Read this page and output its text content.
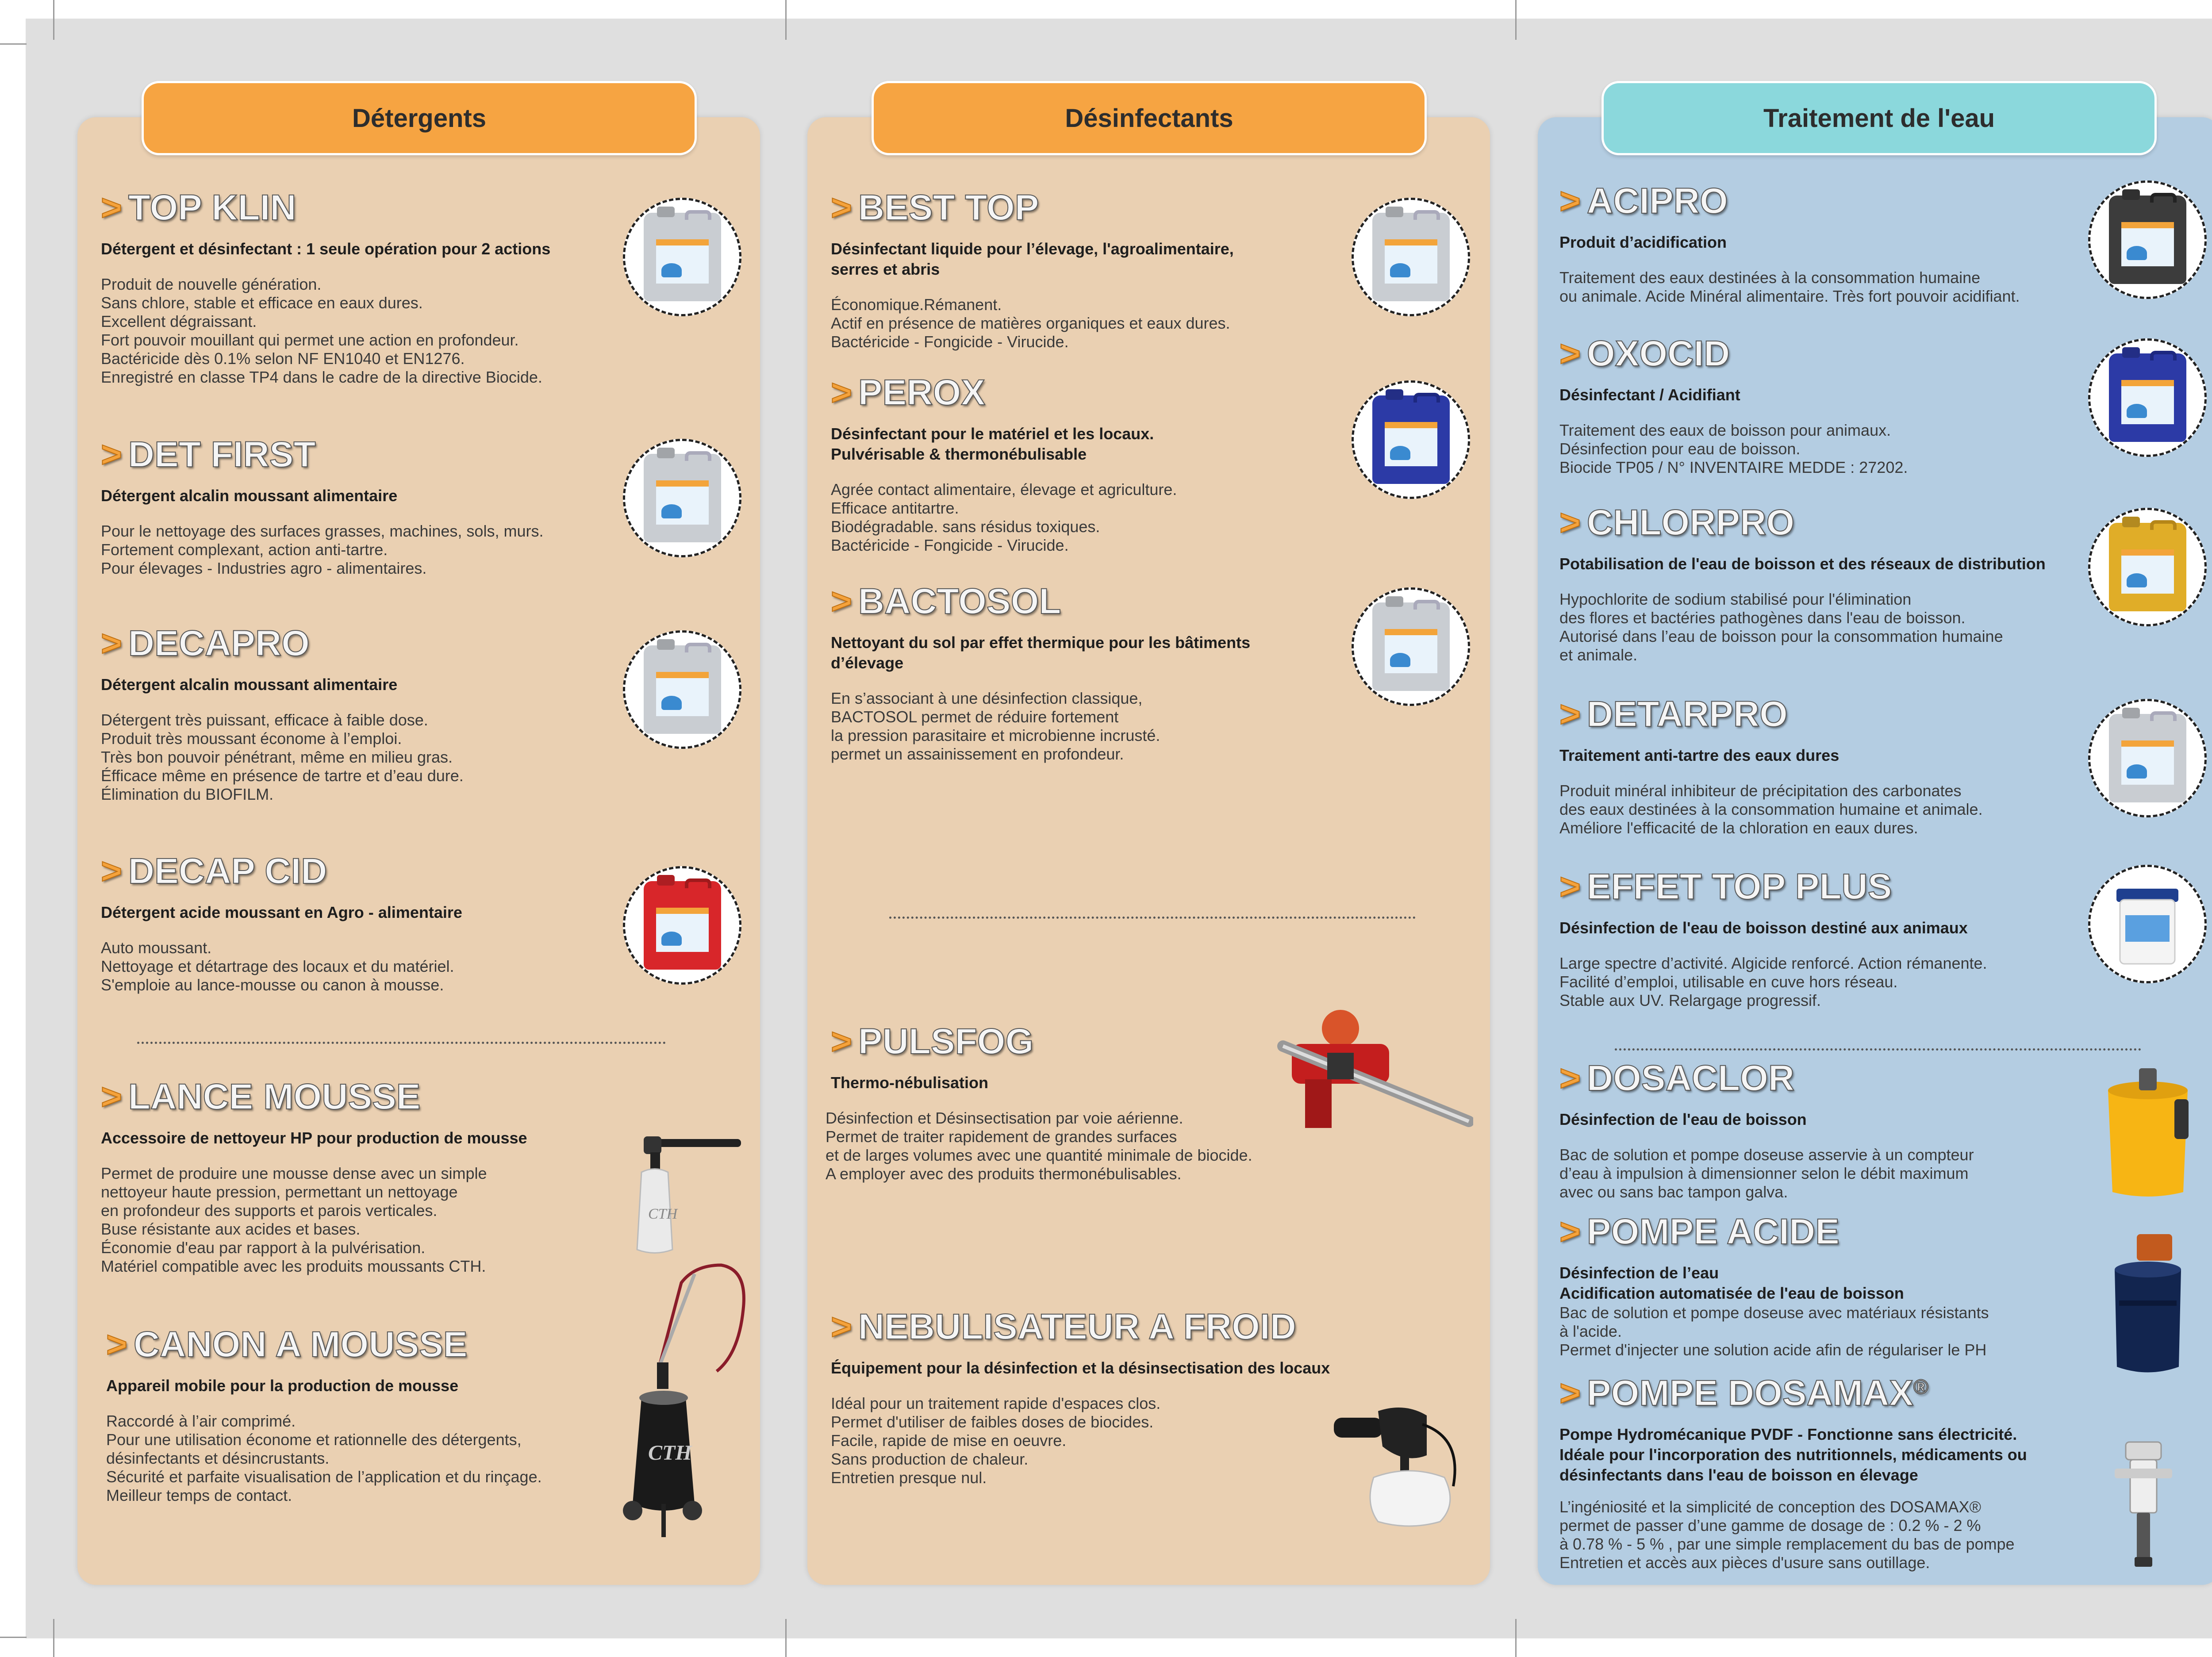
Détergents	Désinfectants	Traitement de l'eau
> TOP KLIN
Détergent et désinfectant : 1 seule opération pour 2 actions
Produit de nouvelle génération.
Sans chlore, stable et efficace en eaux dures.
Excellent dégraissant.
Fort pouvoir mouillant qui permet une action en profondeur.
Bactéricide dès 0.1% selon NF EN1040 et EN1276.
Enregistré en classe TP4 dans le cadre de la directive Biocide.
> DET FIRST
Détergent alcalin moussant alimentaire
Pour le nettoyage des surfaces grasses, machines, sols, murs.
Fortement complexant, action anti-tartre.
Pour élevages - Industries agro - alimentaires.
> DECAPRO
Détergent alcalin moussant alimentaire
Détergent très puissant, efficace à faible dose.
Produit très moussant économe à l’emploi.
Très bon pouvoir pénétrant, même en milieu gras.
Éfficace même en présence de tartre et d’eau dure.
Élimination du BIOFILM.
> DECAP CID
Détergent acide moussant en Agro - alimentaire
Auto moussant.
Nettoyage et détartrage des locaux et du matériel.
S'emploie au lance-mousse ou canon à mousse.
> LANCE MOUSSE
Accessoire de nettoyeur HP pour production de mousse
Permet de produire une mousse dense avec un simple
nettoyeur haute pression, permettant un nettoyage
en profondeur des supports et parois verticales.
Buse résistante aux acides et bases.
Économie d'eau par rapport à la pulvérisation.
Matériel compatible avec les produits moussants CTH.
CTH
> CANON A MOUSSE
Appareil mobile pour la production de mousse
Raccordé à l’air comprimé.
Pour une utilisation économe et rationnelle des détergents,
désinfectants et désincrustants.
Sécurité et parfaite visualisation de l’application et du rinçage.
Meilleur temps de contact.
CTH
> BEST TOP
Désinfectant liquide pour l’élevage, l'agroalimentaire,
serres et abris
Économique.Rémanent.
Actif en présence de matières organiques et eaux dures.
Bactéricide - Fongicide - Virucide.
> PEROX
Désinfectant pour le matériel et les locaux.
Pulvérisable & thermonébulisable
Agrée contact alimentaire, élevage et agriculture.
Efficace antitartre.
Biodégradable. sans résidus toxiques.
Bactéricide - Fongicide - Virucide.
> BACTOSOL
Nettoyant du sol par effet thermique pour les bâtiments
d’élevage
En s’associant à une désinfection classique,
BACTOSOL permet de réduire fortement
la pression parasitaire et microbienne incrusté.
permet un assainissement en profondeur.
> PULSFOG
Thermo-nébulisation
Désinfection et Désinsectisation par voie aérienne.
Permet de traiter rapidement de grandes surfaces
et de larges volumes avec une quantité minimale de biocide.
A employer avec des produits thermonébulisables.
> NEBULISATEUR A FROID
Équipement pour la désinfection et la désinsectisation des locaux
Idéal pour un traitement rapide d'espaces clos.
Permet d'utiliser de faibles doses de biocides.
Facile, rapide de mise en oeuvre.
Sans production de chaleur.
Entretien presque nul.
> ACIPRO
Produit d’acidification
Traitement des eaux destinées à la consommation humaine
ou animale. Acide Minéral alimentaire. Très fort pouvoir acidifiant.
> OXOCID
Désinfectant / Acidifiant
Traitement des eaux de boisson pour animaux.
Désinfection pour eau de boisson.
Biocide TP05 / N° INVENTAIRE MEDDE : 27202.
> CHLORPRO
Potabilisation de l'eau de boisson et des réseaux de distribution
Hypochlorite de sodium stabilisé pour l'élimination
des flores et bactéries pathogènes dans l'eau de boisson.
Autorisé dans l’eau de boisson pour la consommation humaine
et animale.
> DETARPRO
Traitement anti-tartre des eaux dures
Produit minéral inhibiteur de précipitation des carbonates
des eaux destinées à la consommation humaine et animale.
Améliore l'efficacité de la chloration en eaux dures.
> EFFET TOP PLUS
Désinfection de l'eau de boisson destiné aux animaux
Large spectre d’activité. Algicide renforcé. Action rémanente.
Facilité d’emploi, utilisable en cuve hors réseau.
Stable aux UV. Relargage progressif.
> DOSACLOR
Désinfection de l'eau de boisson
Bac de solution et pompe doseuse asservie à un compteur
d’eau à impulsion à dimensionner selon le débit maximum
avec ou sans bac tampon galva.
> POMPE ACIDE
Désinfection de l’eau
Acidification automatisée de l'eau de boisson
Bac de solution et pompe doseuse avec matériaux résistants
à l'acide.
Permet d'injecter une solution acide afin de régulariser le PH
> POMPE DOSAMAX®
Pompe Hydromécanique PVDF - Fonctionne sans électricité.
Idéale pour l'incorporation des nutritionnels, médicaments ou
désinfectants dans l'eau de boisson en élevage
L’ingéniosité et la simplicité de conception des DOSAMAX®
permet de passer d’une gamme de dosage de : 0.2 % - 2 %
à 0.78 % - 5 % , par une simple remplacement du bas de pompe
Entretien et accès aux pièces d'usure sans outillage.
